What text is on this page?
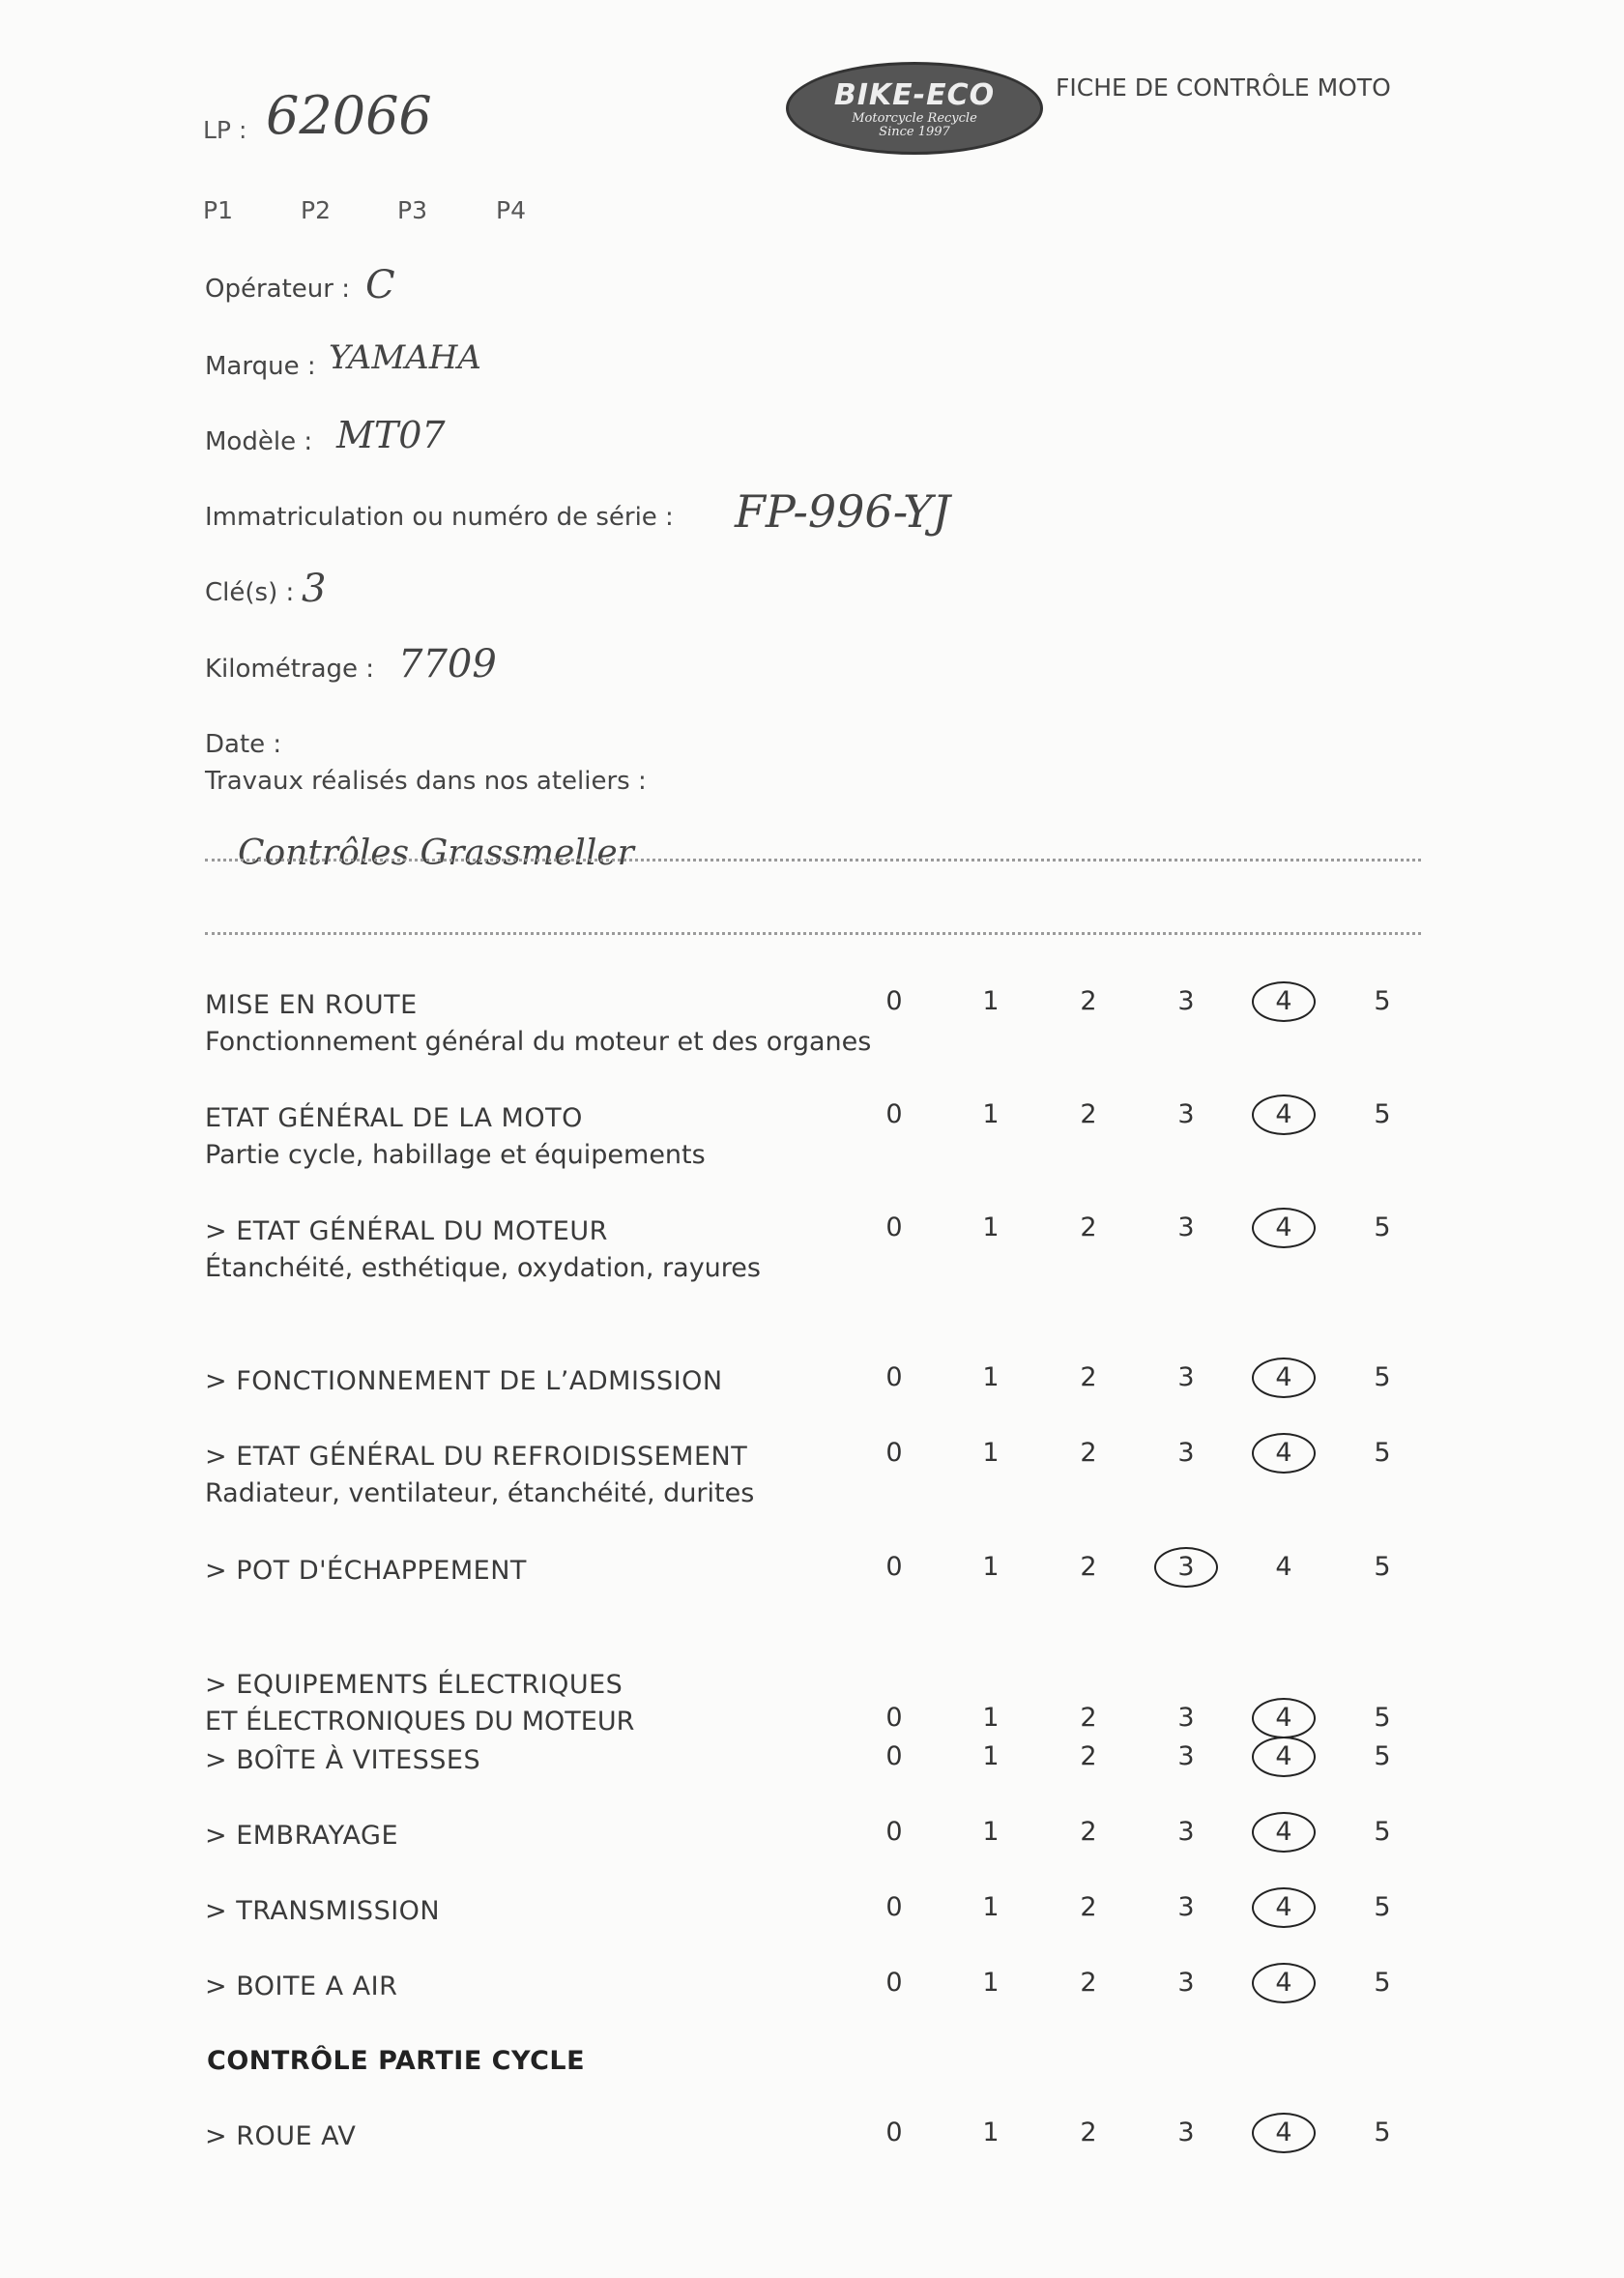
BIKE-ECO
Motorcycle Recycle
Since 1997
FICHE DE CONTRÔLE MOTO
LP : 62066
P1	P2	P3	P4
Opérateur : C
Marque : YAMAHA
Modèle : MT07
Immatriculation ou numéro de série : FP-996-YJ
Clé(s) : 3
Kilométrage : 7709
Date :
Travaux réalisés dans nos ateliers :
Contrôles Grassmeller
MISE EN ROUTE
Fonctionnement général du moteur et des organes
0	1	2	3	4	5
ETAT GÉNÉRAL DE LA MOTO
Partie cycle, habillage et équipements
0	1	2	3	4	5
> ETAT GÉNÉRAL DU MOTEUR
Étanchéité, esthétique, oxydation, rayures
0	1	2	3	4	5
> FONCTIONNEMENT DE L’ADMISSION	0	1	2	3	4	5
> ETAT GÉNÉRAL DU REFROIDISSEMENT
Radiateur, ventilateur, étanchéité, durites
0	1	2	3	4	5
> POT D'ÉCHAPPEMENT	0	1	2	3	4	5
> EQUIPEMENTS ÉLECTRIQUES
ET ÉLECTRONIQUES DU MOTEUR	0	1	2	3	4	5
> BOÎTE À VITESSES	0	1	2	3	4	5
> EMBRAYAGE	0	1	2	3	4	5
> TRANSMISSION	0	1	2	3	4	5
> BOITE A AIR	0	1	2	3	4	5
CONTRÔLE PARTIE CYCLE
> ROUE AV	0	1	2	3	4	5
